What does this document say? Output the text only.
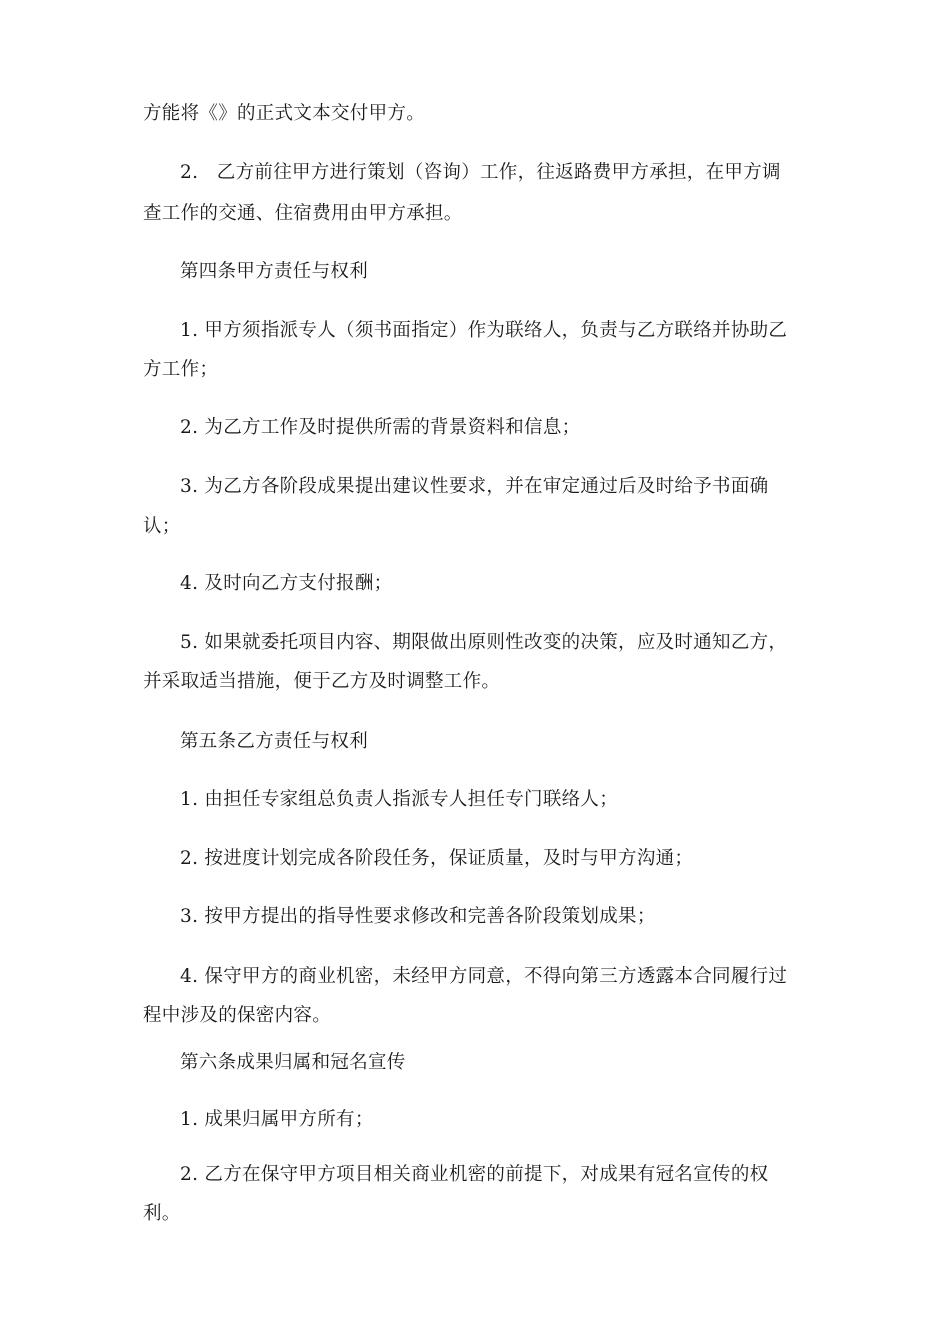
方能将《》的正式文本交付甲方。
2.   乙方前往甲方进行策划（咨询）工作，往返路费甲方承担，在甲方调
查工作的交通、住宿费用由甲方承担。
第四条甲方责任与权利
1. 甲方须指派专人（须书面指定）作为联络人，负责与乙方联络并协助乙
方工作；
2. 为乙方工作及时提供所需的背景资料和信息；
3. 为乙方各阶段成果提出建议性要求，并在审定通过后及时给予书面确
认；
4. 及时向乙方支付报酬；
5. 如果就委托项目内容、期限做出原则性改变的决策，应及时通知乙方，
并采取适当措施，便于乙方及时调整工作。
第五条乙方责任与权利
1. 由担任专家组总负责人指派专人担任专门联络人；
2. 按进度计划完成各阶段任务，保证质量，及时与甲方沟通；
3. 按甲方提出的指导性要求修改和完善各阶段策划成果；
4. 保守甲方的商业机密，未经甲方同意，不得向第三方透露本合同履行过
程中涉及的保密内容。
第六条成果归属和冠名宣传
1. 成果归属甲方所有；
2. 乙方在保守甲方项目相关商业机密的前提下，对成果有冠名宣传的权
利。
